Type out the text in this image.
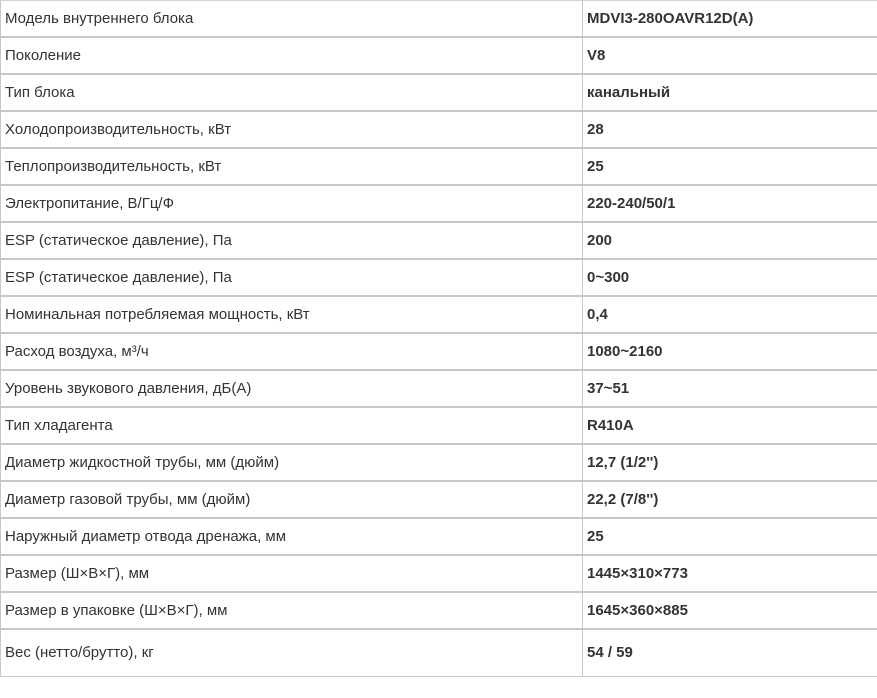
Модель внутреннего блока	MDVI3-280OAVR12D(A)
Поколение	V8
Тип блока	канальный
Холодопроизводительность, кВт	28
Теплопроизводительность, кВт	25
Электропитание, В/Гц/Ф	220-240/50/1
ESP (статическое давление), Па	200
ESP (статическое давление), Па	0~300
Номинальная потребляемая мощность, кВт	0,4
Расход воздуха, м³/ч	1080~2160
Уровень звукового давления, дБ(А)	37~51
Тип хладагента	R410A
Диаметр жидкостной трубы, мм (дюйм)	12,7 (1/2'')
Диаметр газовой трубы, мм (дюйм)	22,2 (7/8'')
Наружный диаметр отвода дренажа, мм	25
Размер (Ш×В×Г), мм	1445×310×773
Размер в упаковке (Ш×В×Г), мм	1645×360×885
Вес (нетто/брутто), кг	54 / 59
